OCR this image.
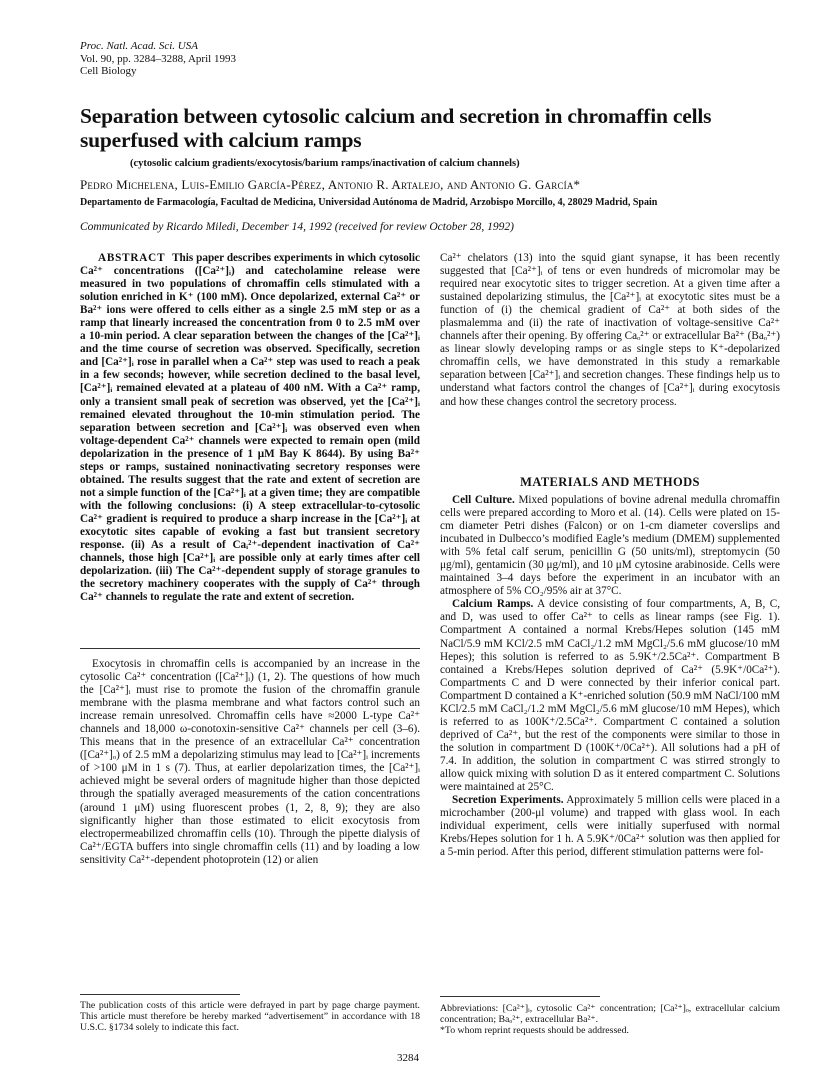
Proc. Natl. Acad. Sci. USA
Vol. 90, pp. 3284–3288, April 1993
Cell Biology
Separation between cytosolic calcium and secretion in chromaffin cells superfused with calcium ramps
(cytosolic calcium gradients/exocytosis/barium ramps/inactivation of calcium channels)
Pedro Michelena, Luis-Emilio García-Pérez, Antonio R. Artalejo, and Antonio G. García*
Departamento de Farmacología, Facultad de Medicina, Universidad Autónoma de Madrid, Arzobispo Morcillo, 4, 28029 Madrid, Spain
Communicated by Ricardo Miledi, December 14, 1992 (received for review October 28, 1992)
ABSTRACT This paper describes experiments in which cytosolic Ca²⁺ concentrations ([Ca²⁺]ᵢ) and catecholamine release were measured in two populations of chromaffin cells stimulated with a solution enriched in K⁺ (100 mM). Once depolarized, external Ca²⁺ or Ba²⁺ ions were offered to cells either as a single 2.5 mM step or as a ramp that linearly increased the concentration from 0 to 2.5 mM over a 10-min period. A clear separation between the changes of the [Ca²⁺]ᵢ and the time course of secretion was observed. Specifically, secretion and [Ca²⁺]ᵢ rose in parallel when a Ca²⁺ step was used to reach a peak in a few seconds; however, while secretion declined to the basal level, [Ca²⁺]ᵢ remained elevated at a plateau of 400 nM. With a Ca²⁺ ramp, only a transient small peak of secretion was observed, yet the [Ca²⁺]ᵢ remained elevated throughout the 10-min stimulation period. The separation between secretion and [Ca²⁺]ᵢ was observed even when voltage-dependent Ca²⁺ channels were expected to remain open (mild depolarization in the presence of 1 μM Bay K 8644). By using Ba²⁺ steps or ramps, sustained noninactivating secretory responses were obtained. The results suggest that the rate and extent of secretion are not a simple function of the [Ca²⁺]ᵢ at a given time; they are compatible with the following conclusions: (i) A steep extracellular-to-cytosolic Ca²⁺ gradient is required to produce a sharp increase in the [Ca²⁺]ᵢ at exocytotic sites capable of evoking a fast but transient secretory response. (ii) As a result of Caᵢ²⁺-dependent inactivation of Ca²⁺ channels, those high [Ca²⁺]ᵢ are possible only at early times after cell depolarization. (iii) The Ca²⁺-dependent supply of storage granules to the secretory machinery cooperates with the supply of Ca²⁺ through Ca²⁺ channels to regulate the rate and extent of secretion.
Exocytosis in chromaffin cells is accompanied by an increase in the cytosolic Ca²⁺ concentration ([Ca²⁺]ᵢ) (1, 2). The questions of how much the [Ca²⁺]ᵢ must rise to promote the fusion of the chromaffin granule membrane with the plasma membrane and what factors control such an increase remain unresolved. Chromaffin cells have ≈2000 L-type Ca²⁺ channels and 18,000 ω-conotoxin-sensitive Ca²⁺ channels per cell (3–6). This means that in the presence of an extracellular Ca²⁺ concentration ([Ca²⁺]ₒ) of 2.5 mM a depolarizing stimulus may lead to [Ca²⁺]ᵢ increments of >100 μM in 1 s (7). Thus, at earlier depolarization times, the [Ca²⁺]ᵢ achieved might be several orders of magnitude higher than those depicted through the spatially averaged measurements of the cation concentrations (around 1 μM) using fluorescent probes (1, 2, 8, 9); they are also significantly higher than those estimated to elicit exocytosis from electropermeabilized chromaffin cells (10). Through the pipette dialysis of Ca²⁺/EGTA buffers into single chromaffin cells (11) and by loading a low sensitivity Ca²⁺-dependent photoprotein (12) or alien
The publication costs of this article were defrayed in part by page charge payment. This article must therefore be hereby marked “advertisement” in accordance with 18 U.S.C. §1734 solely to indicate this fact.
Ca²⁺ chelators (13) into the squid giant synapse, it has been recently suggested that [Ca²⁺]ᵢ of tens or even hundreds of micromolar may be required near exocytotic sites to trigger secretion. At a given time after a sustained depolarizing stimulus, the [Ca²⁺]ᵢ at exocytotic sites must be a function of (i) the chemical gradient of Ca²⁺ at both sides of the plasmalemma and (ii) the rate of inactivation of voltage-sensitive Ca²⁺ channels after their opening. By offering Caₒ²⁺ or extracellular Ba²⁺ (Baₒ²⁺) as linear slowly developing ramps or as single steps to K⁺-depolarized chromaffin cells, we have demonstrated in this study a remarkable separation between [Ca²⁺]ᵢ and secretion changes. These findings help us to understand what factors control the changes of [Ca²⁺]ᵢ during exocytosis and how these changes control the secretory process.
MATERIALS AND METHODS

Cell Culture. Mixed populations of bovine adrenal medulla chromaffin cells were prepared according to Moro et al. (14). Cells were plated on 15-cm diameter Petri dishes (Falcon) or on 1-cm diameter coverslips and incubated in Dulbecco’s modified Eagle’s medium (DMEM) supplemented with 5% fetal calf serum, penicillin G (50 units/ml), streptomycin (50 μg/ml), gentamicin (30 μg/ml), and 10 μM cytosine arabinoside. Cells were maintained 3–4 days before the experiment in an incubator with an atmosphere of 5% CO₂/95% air at 37°C.

Calcium Ramps. A device consisting of four compartments, A, B, C, and D, was used to offer Ca²⁺ to cells as linear ramps (see Fig. 1). Compartment A contained a normal Krebs/Hepes solution (145 mM NaCl/5.9 mM KCl/2.5 mM CaCl₂/1.2 mM MgCl₂/5.6 mM glucose/10 mM Hepes); this solution is referred to as 5.9K⁺/2.5Ca²⁺. Compartment B contained a Krebs/Hepes solution deprived of Ca²⁺ (5.9K⁺/0Ca²⁺). Compartments C and D were connected by their inferior conical part. Compartment D contained a K⁺-enriched solution (50.9 mM NaCl/100 mM KCl/2.5 mM CaCl₂/1.2 mM MgCl₂/5.6 mM glucose/10 mM Hepes), which is referred to as 100K⁺/2.5Ca²⁺. Compartment C contained a solution deprived of Ca²⁺, but the rest of the components were similar to those in the solution in compartment D (100K⁺/0Ca²⁺). All solutions had a pH of 7.4. In addition, the solution in compartment C was stirred strongly to allow quick mixing with solution D as it entered compartment C. Solutions were maintained at 25°C.

Secretion Experiments. Approximately 5 million cells were placed in a microchamber (200-μl volume) and trapped with glass wool. In each individual experiment, cells were initially superfused with normal Krebs/Hepes solution for 1 h. A 5.9K⁺/0Ca²⁺ solution was then applied for a 5-min period. After this period, different stimulation patterns were fol-

Abbreviations: [Ca²⁺]ᵢ, cytosolic Ca²⁺ concentration; [Ca²⁺]ₒ, extracellular calcium concentration; Baₒ²⁺, extracellular Ba²⁺.
*To whom reprint requests should be addressed.
3284
